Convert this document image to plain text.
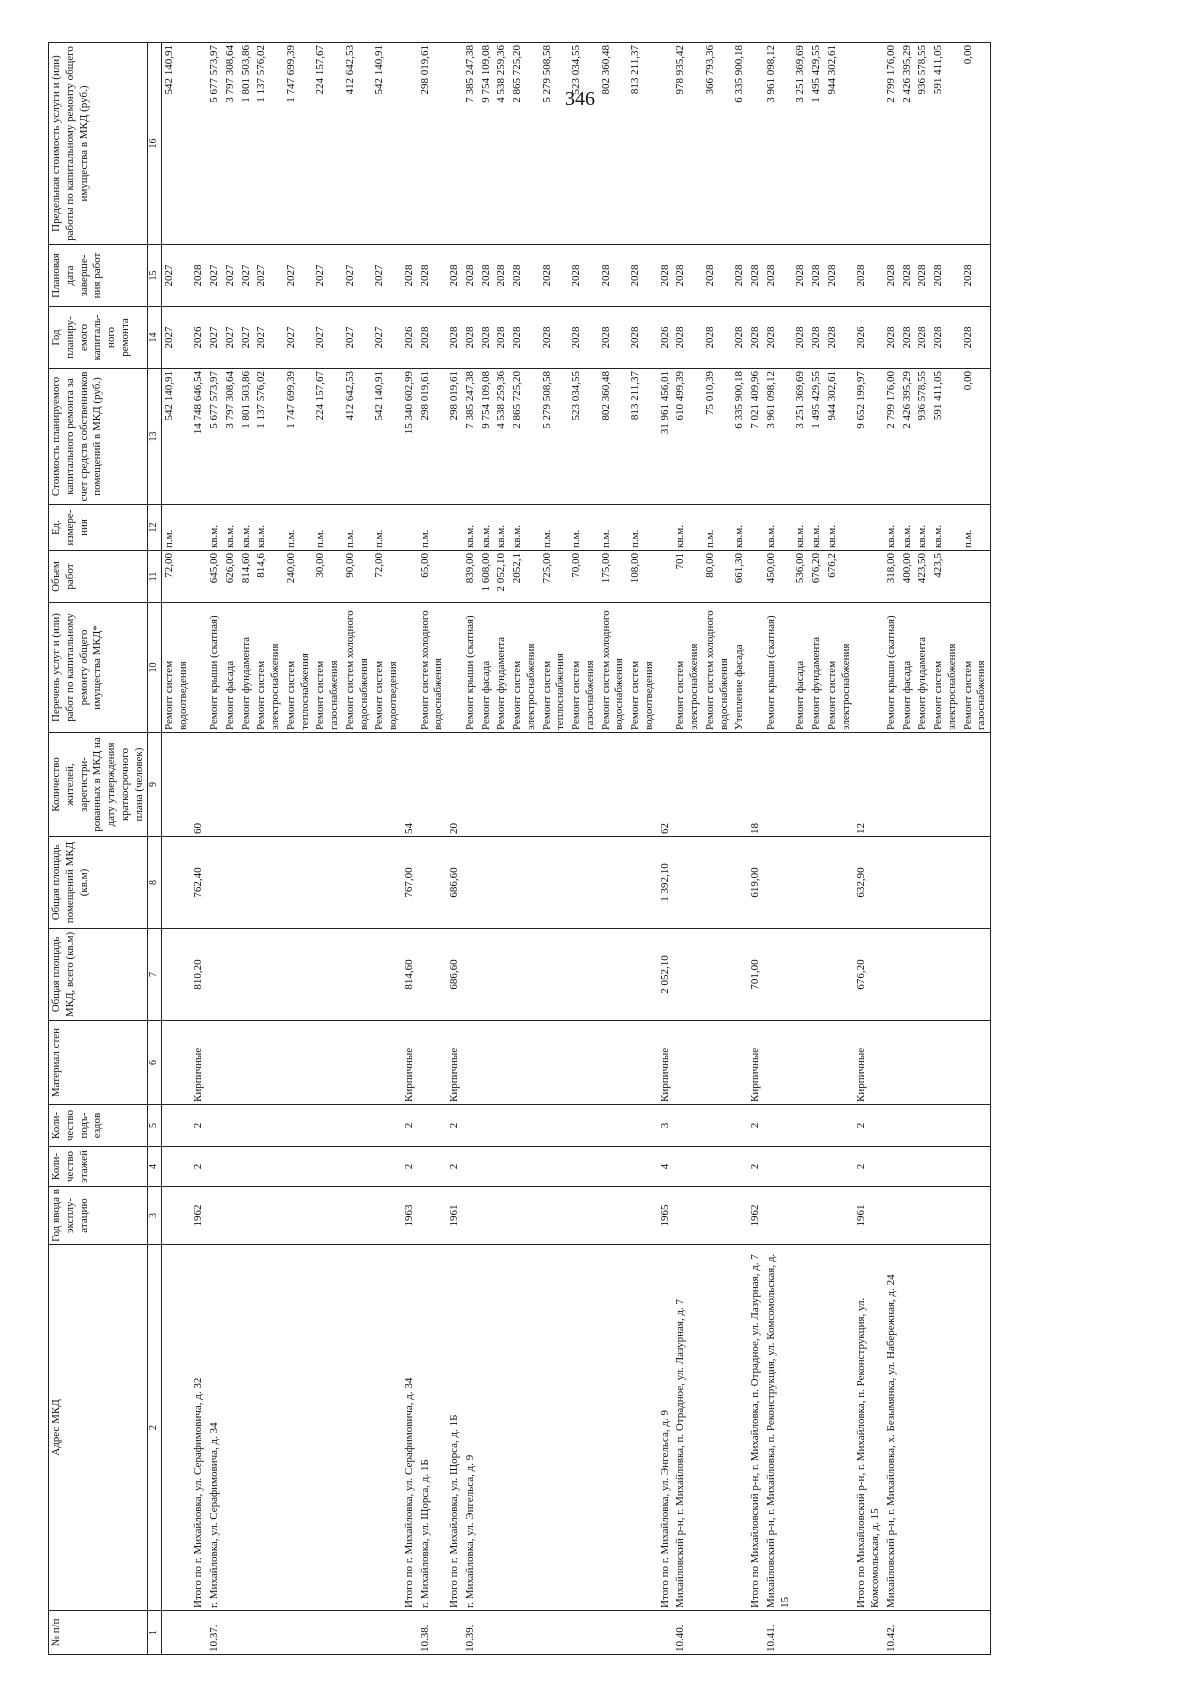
346
№ п/п	Адрес МКД	Год ввода в эксплу-атацию	Коли-чество этажей	Коли-чество подъ-ездов	Материал стен	Общая площадь МКД, всего (кв.м)	Общая площадь помещений МКД (кв.м)	Количество жителей, зарегистри-рованных в МКД на дату утверждения краткосрочного плана (человек)	Перечень услуг и (или) работ по капитальному ремонту общего имущества МКД*	Объем работ	Ед. измере-ния	Стоимость планируемого капитального ремонта за счет средств собственников помещений в МКД (руб.)	Год планиру-емого капиталь-ного ремонта	Плановая дата заверше-ния работ	Предельная стоимость услуги и (или) работы по капитальному ремонту общего имущества в МКД (руб.)
1	2	3	4	5	6	7	8	9	10	11	12	13	14	15	16
									Ремонт систем водоотведения	72,00	п.м.	542 140,91	2027	2027	542 140,91
	Итого по г. Михайловка, ул. Серафимовича, д. 32	1962	2	2	Кирпичные	810,20	762,40	60				14 748 646,54	2026	2028	
10.37.	г. Михайловка, ул. Серафимовича, д. 34								Ремонт крыши (скатная)	645,00	кв.м.	5 677 573,97	2027	2027	5 677 573,97
									Ремонт фасада	626,00	кв.м.	3 797 308,64	2027	2027	3 797 308,64
									Ремонт фундамента	814,60	кв.м.	1 801 503,86	2027	2027	1 801 503,86
									Ремонт систем электроснабжения	814,6	кв.м.	1 137 576,02	2027	2027	1 137 576,02
									Ремонт систем теплоснабжения	240,00	п.м.	1 747 699,39	2027	2027	1 747 699,39
									Ремонт систем газоснабжения	30,00	п.м.	224 157,67	2027	2027	224 157,67
									Ремонт систем холодного водоснабжения	90,00	п.м.	412 642,53	2027	2027	412 642,53
									Ремонт систем водоотведения	72,00	п.м.	542 140,91	2027	2027	542 140,91
	Итого по г. Михайловка, ул. Серафимовича, д. 34	1963	2	2	Кирпичные	814,60	767,00	54				15 340 602,99	2026	2028	
10.38.	г. Михайловка, ул. Щорса, д. 1Б								Ремонт систем холодного водоснабжения	65,00	п.м.	298 019,61	2028	2028	298 019,61
	Итого по г. Михайловка, ул. Щорса, д. 1Б	1961	2	2	Кирпичные	686,60	686,60	20				298 019,61	2028	2028	
10.39.	г. Михайловка, ул. Энгельса, д. 9								Ремонт крыши (скатная)	839,00	кв.м.	7 385 247,38	2028	2028	7 385 247,38
									Ремонт фасада	1 608,00	кв.м.	9 754 109,08	2028	2028	9 754 109,08
									Ремонт фундамента	2 052,10	кв.м.	4 538 259,36	2028	2028	4 538 259,36
									Ремонт систем электроснабжения	2052,1	кв.м.	2 865 725,20	2028	2028	2 865 725,20
									Ремонт систем теплоснабжения	725,00	п.м.	5 279 508,58	2028	2028	5 279 508,58
									Ремонт систем газоснабжения	70,00	п.м.	523 034,55	2028	2028	523 034,55
									Ремонт систем холодного водоснабжения	175,00	п.м.	802 360,48	2028	2028	802 360,48
									Ремонт систем водоотведения	108,00	п.м.	813 211,37	2028	2028	813 211,37
	Итого по г. Михайловка, ул. Энгельса, д. 9	1965	4	3	Кирпичные	2 052,10	1 392,10	62				31 961 456,01	2026	2028	
10.40.	Михайловский р-н, г. Михайловка, п. Отрадное, ул. Лазурная, д. 7								Ремонт систем электроснабжения	701	кв.м.	610 499,39	2028	2028	978 935,42
									Ремонт систем холодного водоснабжения	80,00	п.м.	75 010,39	2028	2028	366 793,36
									Утепление фасада	661,30	кв.м.	6 335 900,18	2028	2028	6 335 900,18
	Итого по Михайловский р-н, г. Михайловка, п. Отрадное, ул. Лазурная, д. 7	1962	2	2	Кирпичные	701,00	619,00	18				7 021 409,96	2028	2028	
10.41.	Михайловский р-н, г. Михайловка, п. Реконструкция, ул. Комсомольская, д. 15								Ремонт крыши (скатная)	450,00	кв.м.	3 961 098,12	2028	2028	3 961 098,12
									Ремонт фасада	536,00	кв.м.	3 251 369,69	2028	2028	3 251 369,69
									Ремонт фундамента	676,20	кв.м.	1 495 429,55	2028	2028	1 495 429,55
									Ремонт систем электроснабжения	676,2	кв.м.	944 302,61	2028	2028	944 302,61
	Итого по Михайловский р-н, г. Михайловка, п. Реконструкция, ул. Комсомольская, д. 15	1961	2	2	Кирпичные	676,20	632,90	12				9 652 199,97	2026	2028	
10.42.	Михайловский р-н, г. Михайловка, х. Безымянка, ул. Набережная, д. 24								Ремонт крыши (скатная)	318,00	кв.м.	2 799 176,00	2028	2028	2 799 176,00
									Ремонт фасада	400,00	кв.м.	2 426 395,29	2028	2028	2 426 395,29
									Ремонт фундамента	423,50	кв.м.	936 578,55	2028	2028	936 578,55
									Ремонт систем электроснабжения	423,5	кв.м.	591 411,05	2028	2028	591 411,05
									Ремонт систем газоснабжения		п.м.	0,00	2028	2028	0,00
